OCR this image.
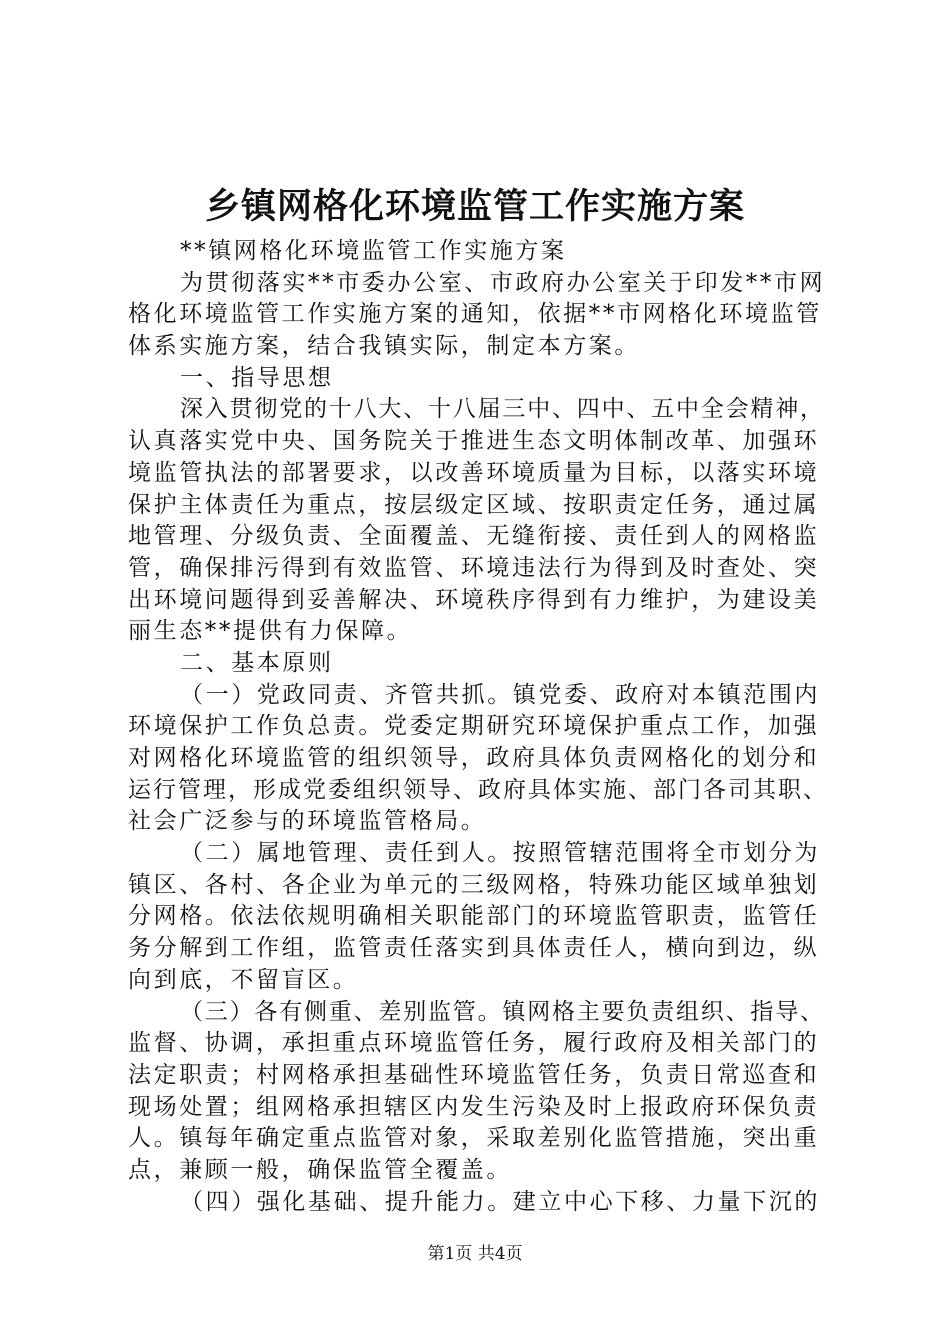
乡镇网格化环境监管工作实施方案
**镇网格化环境监管工作实施方案
为贯彻落实**市委办公室、市政府办公室关于印发**市网
格化环境监管工作实施方案的通知，依据**市网格化环境监管
体系实施方案，结合我镇实际，制定本方案。
一、指导思想
深入贯彻党的十八大、十八届三中、四中、五中全会精神，
认真落实党中央、国务院关于推进生态文明体制改革、加强环
境监管执法的部署要求，以改善环境质量为目标，以落实环境
保护主体责任为重点，按层级定区域、按职责定任务，通过属
地管理、分级负责、全面覆盖、无缝衔接、责任到人的网格监
管，确保排污得到有效监管、环境违法行为得到及时查处、突
出环境问题得到妥善解决、环境秩序得到有力维护，为建设美
丽生态**提供有力保障。
二、基本原则
（一）党政同责、齐管共抓。镇党委、政府对本镇范围内
环境保护工作负总责。党委定期研究环境保护重点工作，加强
对网格化环境监管的组织领导，政府具体负责网格化的划分和
运行管理，形成党委组织领导、政府具体实施、部门各司其职、
社会广泛参与的环境监管格局。
（二）属地管理、责任到人。按照管辖范围将全市划分为
镇区、各村、各企业为单元的三级网格，特殊功能区域单独划
分网格。依法依规明确相关职能部门的环境监管职责，监管任
务分解到工作组，监管责任落实到具体责任人，横向到边，纵
向到底，不留盲区。
（三）各有侧重、差别监管。镇网格主要负责组织、指导、
监督、协调，承担重点环境监管任务，履行政府及相关部门的
法定职责；村网格承担基础性环境监管任务，负责日常巡查和
现场处置；组网格承担辖区内发生污染及时上报政府环保负责
人。镇每年确定重点监管对象，采取差别化监管措施，突出重
点，兼顾一般，确保监管全覆盖。
（四）强化基础、提升能力。建立中心下移、力量下沉的
第1页 共4页
